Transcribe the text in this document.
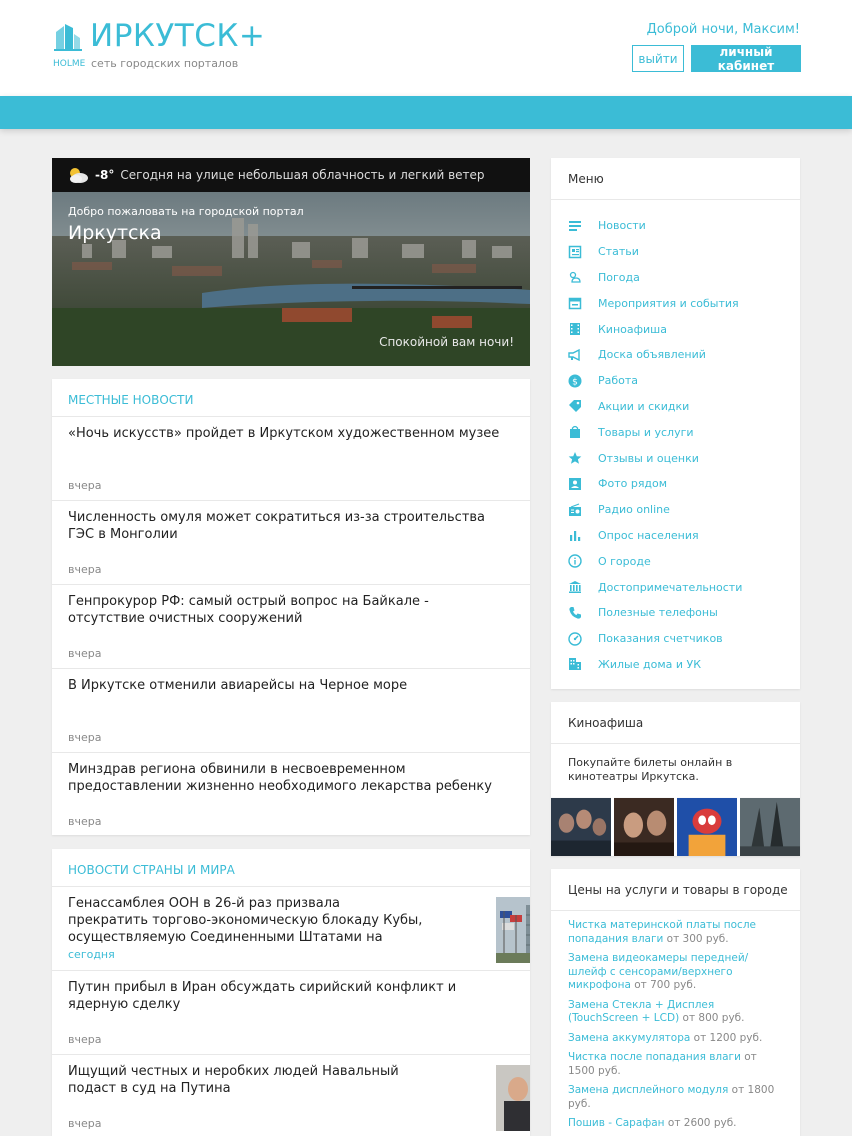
ИРКУТСК+
HOLME сеть городских порталов
Доброй ночи, Максим!
выйти	личный кабинет
-8° Сегодня на улице небольшая облачность и легкий ветер
Добро пожаловать на городской портал
Иркутска
Спокойной вам ночи!
МЕСТНЫЕ НОВОСТИ
«Ночь искусств» пройдет в Иркутском художественном музее
вчера
Численность омуля может сократиться из-за строительства ГЭС в Монголии
вчера
Генпрокурор РФ: самый острый вопрос на Байкале - отсутствие очистных сооружений
вчера
В Иркутске отменили авиарейсы на Черное море
вчера
Минздрав региона обвинили в несвоевременном предоставлении жизненно необходимого лекарства ребенку
вчера
НОВОСТИ СТРАНЫ И МИРА
Генассамблея ООН в 26-й раз призвала прекратить торгово-экономическую блокаду Кубы, осуществляемую Соединенными Штатами на
сегодня
Путин прибыл в Иран обсуждать сирийский конфликт и ядерную сделку
вчера
Ищущий честных и неробких людей Навальный подаст в суд на Путина
вчера
Меню
Новости
Статьи
Погода
Мероприятия и события
Киноафиша
Доска объявлений
$ Работа
Акции и скидки
Товары и услуги
Отзывы и оценки
Фото рядом
Радио online
Опрос населения
О городе
Достопримечательности
Полезные телефоны
Показания счетчиков
Жилые дома и УК
Киноафиша
Покупайте билеты онлайн в кинотеатры Иркутска.
Цены на услуги и товары в городе
Чистка материнской платы после попадания влаги от 300 руб.
Замена видеокамеры передней/шлейф с сенсорами/верхнего микрофона от 700 руб.
Замена Стекла + Дисплея (TouchScreen + LCD) от 800 руб.
Замена аккумулятора от 1200 руб.
Чистка после попадания влаги от 1500 руб.
Замена дисплейного модуля от 1800 руб.
Пошив - Сарафан от 2600 руб.
